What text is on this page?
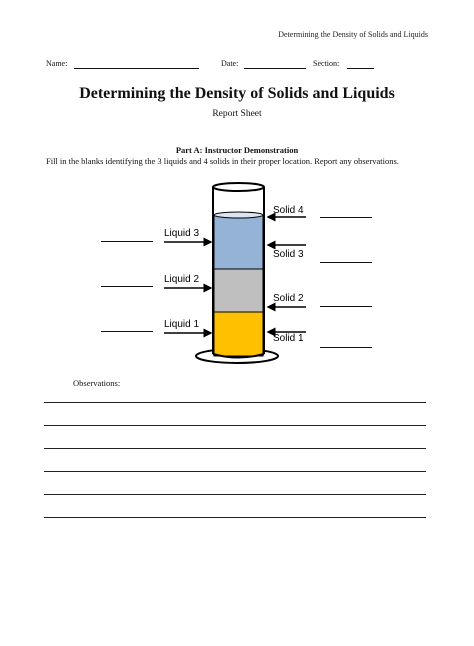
Determining the Density of Solids and Liquids
Name:	Date:	Section:
Determining the Density of Solids and Liquids
Report Sheet
Part A: Instructor Demonstration
Fill in the blanks identifying the 3 liquids and 4 solids in their proper location. Report any observations.
Liquid 3
Liquid 2
Liquid 1
Solid 4
Solid 3
Solid 2
Solid 1
Observations:
